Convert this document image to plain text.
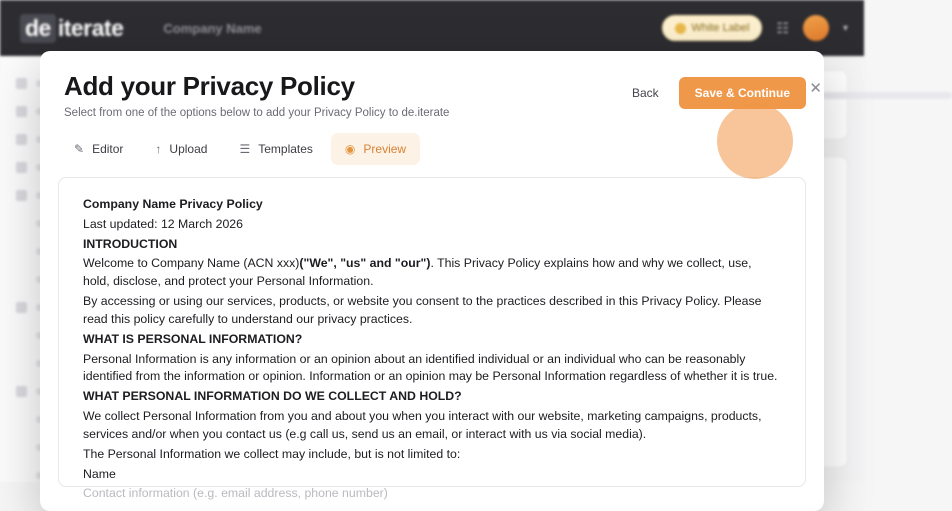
de iterate	Company Name	White Label ☷	▾
Add your Privacy Policy

Select from one of the options below to add your Privacy Policy to de.iterate

Back	Save & Continue	✕
✎ Editor	↑ Upload	☰ Templates	◉ Preview

Company Name Privacy Policy

Last updated: 12 March 2026

INTRODUCTION

Welcome to Company Name (ACN xxx)("We", "us" and "our"). This Privacy Policy explains how and why we collect, use, hold, disclose, and protect your Personal Information.

By accessing or using our services, products, or website you consent to the practices described in this Privacy Policy. Please read this policy carefully to understand our privacy practices.

WHAT IS PERSONAL INFORMATION?

Personal Information is any information or an opinion about an identified individual or an individual who can be reasonably identified from the information or opinion. Information or an opinion may be Personal Information regardless of whether it is true.

WHAT PERSONAL INFORMATION DO WE COLLECT AND HOLD?

We collect Personal Information from you and about you when you interact with our website, marketing campaigns, products, services and/or when you contact us (e.g call us, send us an email, or interact with us via social media).

The Personal Information we collect may include, but is not limited to:

Name

Contact information (e.g. email address, phone number)
